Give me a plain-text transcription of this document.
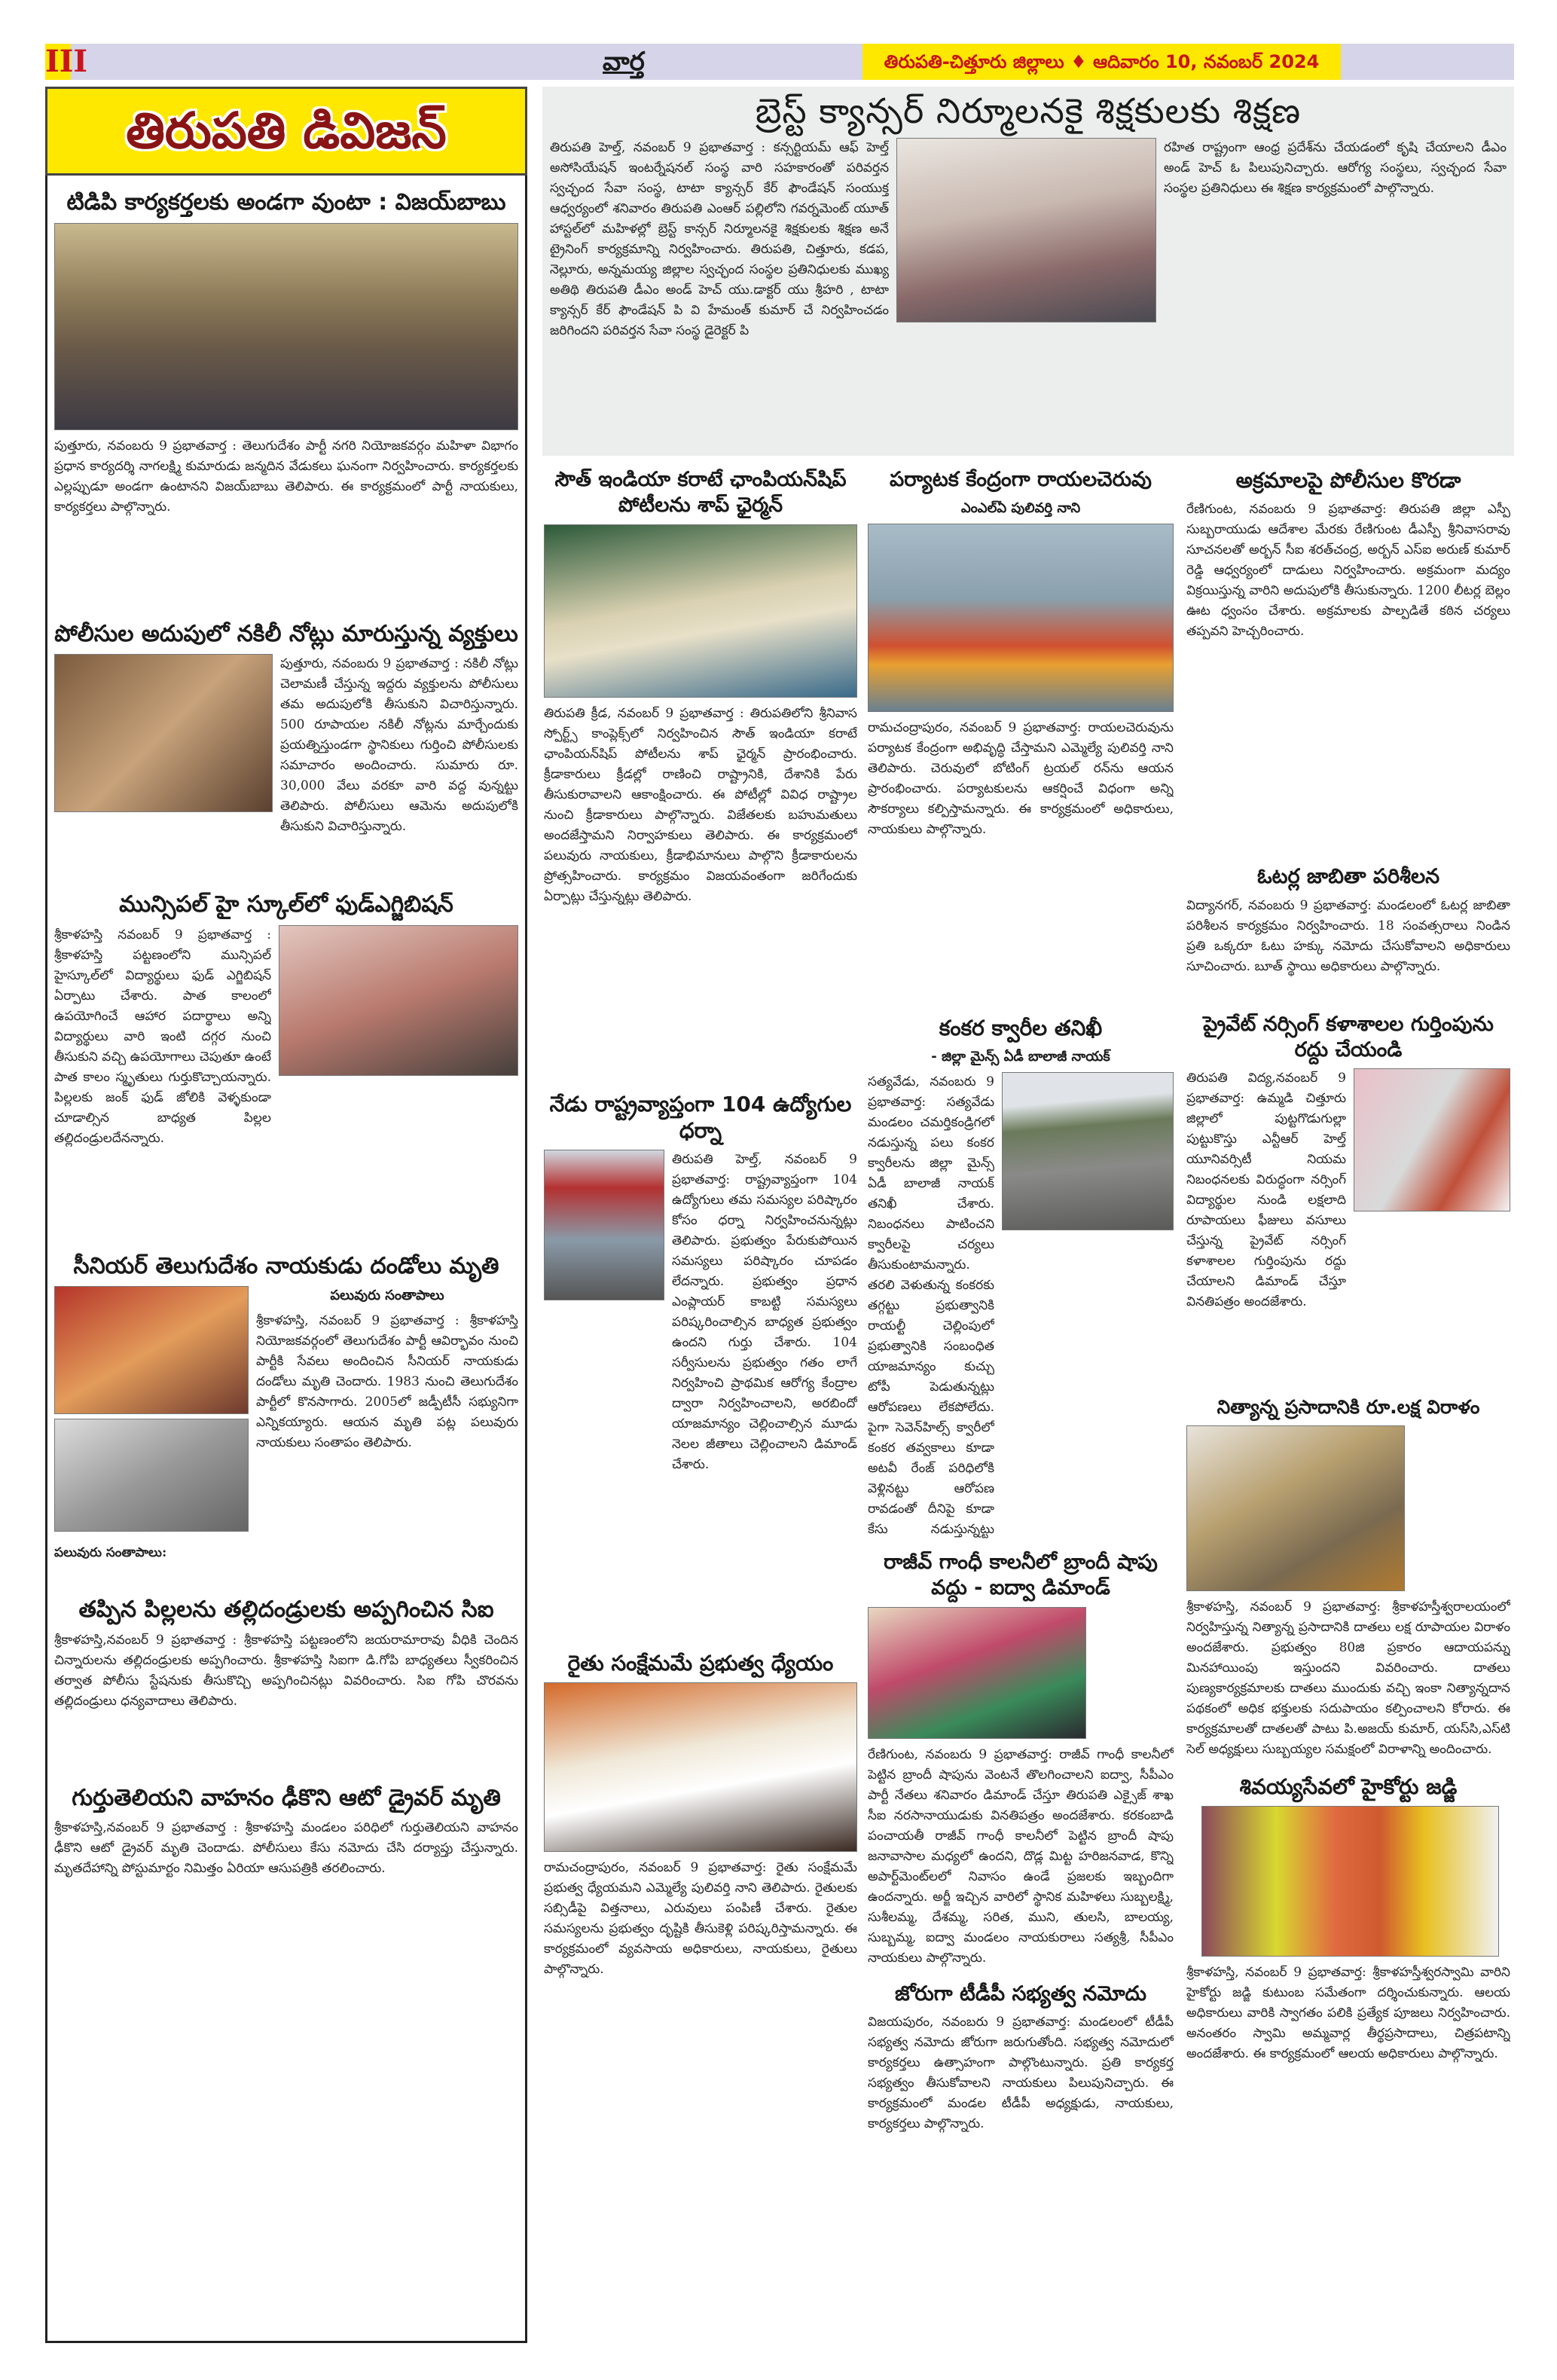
III	వార్త	తిరుపతి-చిత్తూరు జిల్లాలు ♦ ఆదివారం 10, నవంబర్ 2024
తిరుపతి డివిజన్
టిడిపి కార్యకర్తలకు అండగా వుంటా : విజయ్‌బాబు
పుత్తూరు, నవంబరు 9 ప్రభాతవార్త : తెలుగుదేశం పార్టీ నగరి నియోజకవర్గం మహిళా విభాగం ప్రధాన కార్యదర్శి నాగలక్ష్మి కుమారుడు జన్మదిన వేడుకలు ఘనంగా నిర్వహించారు. కార్యకర్తలకు ఎల్లప్పుడూ అండగా ఉంటానని విజయ్‌బాబు తెలిపారు. ఈ కార్యక్రమంలో పార్టీ నాయకులు, కార్యకర్తలు పాల్గొన్నారు.
పోలీసుల అదుపులో నకిలీ నోట్లు మారుస్తున్న వ్యక్తులు
పుత్తూరు, నవంబరు 9 ప్రభాతవార్త : నకిలీ నోట్లు చెలామణీ చేస్తున్న ఇద్దరు వ్యక్తులను పోలీసులు తమ అదుపులోకి తీసుకుని విచారిస్తున్నారు. 500 రూపాయల నకిలీ నోట్లను మార్చేందుకు ప్రయత్నిస్తుండగా స్థానికులు గుర్తించి పోలీసులకు సమాచారం అందించారు. సుమారు రూ. 30,000 వేలు వరకూ వారి వద్ద వున్నట్టు తెలిపారు. పోలీసులు ఆమెను అదుపులోకి తీసుకుని విచారిస్తున్నారు.
మున్సిపల్ హై స్కూల్‌లో ఫుడ్ఎగ్జిబిషన్
శ్రీకాళహస్తి నవంబర్ 9 ప్రభాతవార్త : శ్రీకాళహస్తి పట్టణంలోని మున్సిపల్ హైస్కూల్‌లో విద్యార్థులు ఫుడ్ ఎగ్జిబిషన్ ఏర్పాటు చేశారు. పాత కాలంలో ఉపయోగించే ఆహార పదార్థాలు అన్ని విద్యార్థులు వారి ఇంటి దగ్గర నుంచి తీసుకుని వచ్చి ఉపయోగాలు చెపుతూ ఉంటే పాత కాలం స్మృతులు గుర్తుకొచ్చాయన్నారు. పిల్లలకు జంక్ ఫుడ్ జోలికి వెళ్ళకుండా చూడాల్సిన బాధ్యత పిల్లల తల్లిదండ్రులదేనన్నారు.
సీనియర్ తెలుగుదేశం నాయకుడు దండోలు మృతి
పలువురు సంతాపాలు
శ్రీకాళహస్తి, నవంబర్ 9 ప్రభాతవార్త : శ్రీకాళహస్తి నియోజకవర్గంలో తెలుగుదేశం పార్టీ ఆవిర్భావం నుంచి పార్టీకి సేవలు అందించిన సీనియర్ నాయకుడు దండోలు మృతి చెందారు. 1983 నుంచి తెలుగుదేశం పార్టీలో కొనసాగారు. 2005లో జడ్పీటీసీ సభ్యునిగా ఎన్నికయ్యారు. ఆయన మృతి పట్ల పలువురు నాయకులు సంతాపం తెలిపారు.
పలువురు సంతాపాలు:
తప్పిన పిల్లలను తల్లిదండ్రులకు అప్పగించిన సిఐ
శ్రీకాళహస్తి,నవంబర్ 9 ప్రభాతవార్త : శ్రీకాళహస్తి పట్టణంలోని జయరామారావు వీధికి చెందిన చిన్నారులను తల్లిదండ్రులకు అప్పగించారు. శ్రీకాళహస్తి సిఐగా డి.గోపి బాధ్యతలు స్వీకరించిన తర్వాత పోలీసు స్టేషనుకు తీసుకొచ్చి అప్పగించినట్లు వివరించారు. సిఐ గోపి చొరవను తల్లిదండ్రులు ధన్యవాదాలు తెలిపారు.
గుర్తుతెలియని వాహనం ఢీకొని ఆటో డ్రైవర్ మృతి
శ్రీకాళహస్తి,నవంబర్ 9 ప్రభాతవార్త : శ్రీకాళహస్తి మండలం పరిధిలో గుర్తుతెలియని వాహనం ఢీకొని ఆటో డ్రైవర్ మృతి చెందాడు. పోలీసులు కేసు నమోదు చేసి దర్యాప్తు చేస్తున్నారు. మృతదేహాన్ని పోస్టుమార్టం నిమిత్తం ఏరియా ఆసుపత్రికి తరలించారు.
బ్రెస్ట్ క్యాన్సర్ నిర్మూలనకై శిక్షకులకు శిక్షణ
తిరుపతి హెల్త్, నవంబర్ 9 ప్రభాతవార్త : కన్సర్టియమ్ ఆఫ్ హెల్త్ అసోసియేషన్ ఇంటర్నేషనల్ సంస్థ వారి సహకారంతో పరివర్తన స్వచ్ఛంద సేవా సంస్థ, టాటా క్యాన్సర్ కేర్ ఫౌండేషన్ సంయుక్త ఆధ్వర్యంలో శనివారం తిరుపతి ఎంఆర్ పల్లిలోని గవర్నమెంట్ యూత్ హాస్టల్‌లో మహిళల్లో బ్రెస్ట్ కాన్సర్ నిర్మూలనకై శిక్షకులకు శిక్షణ అనే ట్రైనింగ్ కార్యక్రమాన్ని నిర్వహించారు. తిరుపతి, చిత్తూరు, కడప, నెల్లూరు, అన్నమయ్య జిల్లాల స్వచ్ఛంద సంస్థల ప్రతినిధులకు ముఖ్య అతిథి తిరుపతి డీఎం అండ్ హెచ్ యు.డాక్టర్ యు శ్రీహరి , టాటా క్యాన్సర్ కేర్ ఫౌండేషన్ పి వి హేమంత్ కుమార్ చే నిర్వహించడం జరిగిందని పరివర్తన సేవా సంస్థ డైరెక్టర్ పి
రహిత రాష్ట్రంగా ఆంధ్ర ప్రదేశ్‌ను చేయడంలో కృషి చేయాలని డీఎం అండ్ హెచ్ ఓ పిలుపునిచ్చారు. ఆరోగ్య సంస్థలు, స్వచ్ఛంద సేవా సంస్థల ప్రతినిధులు ఈ శిక్షణ కార్యక్రమంలో పాల్గొన్నారు.
సౌత్ ఇండియా కరాటే ఛాంపియన్‌షిప్ పోటీలను శాప్ ఛైర్మన్
తిరుపతి క్రీడ, నవంబర్ 9 ప్రభాతవార్త : తిరుపతిలోని శ్రీనివాస స్పోర్ట్స్ కాంప్లెక్స్‌లో నిర్వహించిన సౌత్ ఇండియా కరాటే ఛాంపియన్‌షిప్ పోటీలను శాప్ ఛైర్మన్ ప్రారంభించారు. క్రీడాకారులు క్రీడల్లో రాణించి రాష్ట్రానికి, దేశానికి పేరు తీసుకురావాలని ఆకాంక్షించారు. ఈ పోటీల్లో వివిధ రాష్ట్రాల నుంచి క్రీడాకారులు పాల్గొన్నారు. విజేతలకు బహుమతులు అందజేస్తామని నిర్వాహకులు తెలిపారు. ఈ కార్యక్రమంలో పలువురు నాయకులు, క్రీడాభిమానులు పాల్గొని క్రీడాకారులను ప్రోత్సహించారు. కార్యక్రమం విజయవంతంగా జరిగేందుకు ఏర్పాట్లు చేస్తున్నట్లు తెలిపారు.
నేడు రాష్ట్రవ్యాప్తంగా 104 ఉద్యోగుల ధర్నా
తిరుపతి హెల్త్, నవంబర్ 9 ప్రభాతవార్త: రాష్ట్రవ్యాప్తంగా 104 ఉద్యోగులు తమ సమస్యల పరిష్కారం కోసం ధర్నా నిర్వహించనున్నట్లు తెలిపారు. ప్రభుత్వం పేరుకుపోయిన సమస్యలు పరిష్కారం చూపడం లేదన్నారు. ప్రభుత్వం ప్రధాన ఎంప్లాయర్ కాబట్టి సమస్యలు పరిష్కరించాల్సిన బాధ్యత ప్రభుత్వం ఉందని గుర్తు చేశారు. 104 సర్వీసులను ప్రభుత్వం గతం లాగే నిర్వహించి ప్రాథమిక ఆరోగ్య కేంద్రాల ద్వారా నిర్వహించాలని, అరబిందో యాజమాన్యం చెల్లించాల్సిన మూడు నెలల జీతాలు చెల్లించాలని డిమాండ్ చేశారు.
రైతు సంక్షేమమే ప్రభుత్వ ధ్యేయం
రామచంద్రాపురం, నవంబర్ 9 ప్రభాతవార్త: రైతు సంక్షేమమే ప్రభుత్వ ధ్యేయమని ఎమ్మెల్యే పులివర్తి నాని తెలిపారు. రైతులకు సబ్సిడీపై విత్తనాలు, ఎరువులు పంపిణీ చేశారు. రైతుల సమస్యలను ప్రభుత్వం దృష్టికి తీసుకెళ్లి పరిష్కరిస్తామన్నారు. ఈ కార్యక్రమంలో వ్యవసాయ అధికారులు, నాయకులు, రైతులు పాల్గొన్నారు.
పర్యాటక కేంద్రంగా రాయలచెరువు
ఎంఎల్‌ఏ పులివర్తి నాని
రామచంద్రాపురం, నవంబర్ 9 ప్రభాతవార్త: రాయలచెరువును పర్యాటక కేంద్రంగా అభివృద్ధి చేస్తామని ఎమ్మెల్యే పులివర్తి నాని తెలిపారు. చెరువులో బోటింగ్ ట్రయల్ రన్‌ను ఆయన ప్రారంభించారు. పర్యాటకులను ఆకర్షించే విధంగా అన్ని సౌకర్యాలు కల్పిస్తామన్నారు. ఈ కార్యక్రమంలో అధికారులు, నాయకులు పాల్గొన్నారు.
కంకర క్వారీల తనిఖీ
- జిల్లా మైన్స్ ఏడీ బాలాజీ నాయక్
సత్యవేడు, నవంబరు 9 ప్రభాతవార్త: సత్యవేడు మండలం చమర్తికండ్రిగలో నడుస్తున్న పలు కంకర క్వారీలను జిల్లా మైన్స్ ఏడీ బాలాజీ నాయక్ తనిఖీ చేశారు. నిబంధనలు పాటించని క్వారీలపై చర్యలు తీసుకుంటామన్నారు. తరలి వెళుతున్న కంకరకు తగ్గట్టు ప్రభుత్వానికి రాయల్టీ చెల్లింపులో ప్రభుత్వానికి సంబంధిత యాజమాన్యం కుచ్చు టోపీ పెడుతున్నట్లు ఆరోపణలు లేకపోలేదు. పైగా సెవెన్‌హిల్స్ క్వారీలో కంకర తవ్వకాలు కూడా అటవీ రేంజ్ పరిధిలోకి వెళ్లినట్టు ఆరోపణ రావడంతో దీనిపై కూడా కేసు నడుస్తున్నట్టు
రాజీవ్ గాంధీ కాలనీలో బ్రాందీ షాపు వద్దు - ఐద్వా డిమాండ్
రేణిగుంట, నవంబరు 9 ప్రభాతవార్త: రాజీవ్ గాంధీ కాలనీలో పెట్టిన బ్రాందీ షాపును వెంటనే తొలగించాలని ఐద్వా, సీపీఎం పార్టీ నేతలు శనివారం డిమాండ్ చేస్తూ తిరుపతి ఎక్సైజ్ శాఖ సీఐ నరసానాయుడుకు వినతిపత్రం అందజేశారు. కరకంబాడి పంచాయతీ రాజీవ్ గాంధీ కాలనీలో పెట్టిన బ్రాందీ షాపు జనావాసాల మధ్యలో ఉందని, దొడ్ల మిట్ట హరిజనవాడ, కొన్ని అపార్ట్‌మెంట్‌లలో నివాసం ఉండే ప్రజలకు ఇబ్బందిగా ఉందన్నారు. అర్జీ ఇచ్చిన వారిలో స్థానిక మహిళలు సుబ్బలక్ష్మి, సుశీలమ్మ, దేశమ్మ, సరిత, ముని, తులసి, బాలయ్య, సుబ్బమ్మ, ఐద్వా మండలం నాయకురాలు సత్యశ్రీ, సీపీఎం నాయకులు పాల్గొన్నారు.
జోరుగా టీడీపీ సభ్యత్వ నమోదు
విజయపురం, నవంబరు 9 ప్రభాతవార్త: మండలంలో టీడీపీ సభ్యత్వ నమోదు జోరుగా జరుగుతోంది. సభ్యత్వ నమోదులో కార్యకర్తలు ఉత్సాహంగా పాల్గొంటున్నారు. ప్రతి కార్యకర్త సభ్యత్వం తీసుకోవాలని నాయకులు పిలుపునిచ్చారు. ఈ కార్యక్రమంలో మండల టీడీపీ అధ్యక్షుడు, నాయకులు, కార్యకర్తలు పాల్గొన్నారు.
అక్రమాలపై పోలీసుల కొరడా
రేణిగుంట, నవంబరు 9 ప్రభాతవార్త: తిరుపతి జిల్లా ఎస్పీ సుబ్బరాయుడు ఆదేశాల మేరకు రేణిగుంట డీఎస్పీ శ్రీనివాసరావు సూచనలతో అర్బన్ సీఐ శరత్‌చంద్ర, అర్బన్ ఎస్‌ఐ అరుణ్ కుమార్ రెడ్డి ఆధ్వర్యంలో దాడులు నిర్వహించారు. అక్రమంగా మద్యం విక్రయిస్తున్న వారిని అదుపులోకి తీసుకున్నారు. 1200 లీటర్ల బెల్లం ఊట ధ్వంసం చేశారు. అక్రమాలకు పాల్పడితే కఠిన చర్యలు తప్పవని హెచ్చరించారు.
ఓటర్ల జాబితా పరిశీలన
విద్యానగర్, నవంబరు 9 ప్రభాతవార్త: మండలంలో ఓటర్ల జాబితా పరిశీలన కార్యక్రమం నిర్వహించారు. 18 సంవత్సరాలు నిండిన ప్రతి ఒక్కరూ ఓటు హక్కు నమోదు చేసుకోవాలని అధికారులు సూచించారు. బూత్ స్థాయి అధికారులు పాల్గొన్నారు.
ప్రైవేట్ నర్సింగ్ కళాశాలల గుర్తింపును రద్దు చేయండి
తిరుపతి విద్య,నవంబర్ 9 ప్రభాతవార్త: ఉమ్మడి చిత్తూరు జిల్లాలో పుట్టగొడుగుల్లా పుట్టుకొస్తు ఎన్టీఆర్ హెల్త్ యూనివర్సిటీ నియమ నిబంధనలకు విరుద్ధంగా నర్సింగ్ విద్యార్థుల నుండి లక్షలాది రూపాయలు ఫీజులు వసూలు చేస్తున్న ప్రైవేట్ నర్సింగ్ కళాశాలల గుర్తింపును రద్దు చేయాలని డిమాండ్ చేస్తూ వినతిపత్రం అందజేశారు.
నిత్యాన్న ప్రసాదానికి రూ.లక్ష విరాళం
శ్రీకాళహస్తి, నవంబర్ 9 ప్రభాతవార్త: శ్రీకాళహస్తీశ్వరాలయంలో నిర్వహిస్తున్న నిత్యాన్న ప్రసాదానికి దాతలు లక్ష రూపాయల విరాళం అందజేశారు. ప్రభుత్వం 80జి ప్రకారం ఆదాయపన్ను మినహాయింపు ఇస్తుందని వివరించారు. దాతలు పుణ్యకార్యక్రమాలకు దాతలు ముందుకు వచ్చి ఇంకా నిత్యాన్నదాన పథకంలో అధిక భక్తులకు సదుపాయం కల్పించాలని కోరారు. ఈ కార్యక్రమాలతో దాతలతో పాటు పి.అజయ్ కుమార్, యస్‌సి,ఎస్‌టి సెల్ అధ్యక్షులు సుబ్బయ్యల సమక్షంలో విరాళాన్ని అందించారు.
శివయ్యసేవలో హైకోర్టు జడ్జి
శ్రీకాళహస్తి, నవంబర్ 9 ప్రభాతవార్త: శ్రీకాళహస్తీశ్వరస్వామి వారిని హైకోర్టు జడ్జి కుటుంబ సమేతంగా దర్శించుకున్నారు. ఆలయ అధికారులు వారికి స్వాగతం పలికి ప్రత్యేక పూజలు నిర్వహించారు. అనంతరం స్వామి అమ్మవార్ల తీర్థప్రసాదాలు, చిత్రపటాన్ని అందజేశారు. ఈ కార్యక్రమంలో ఆలయ అధికారులు పాల్గొన్నారు.
